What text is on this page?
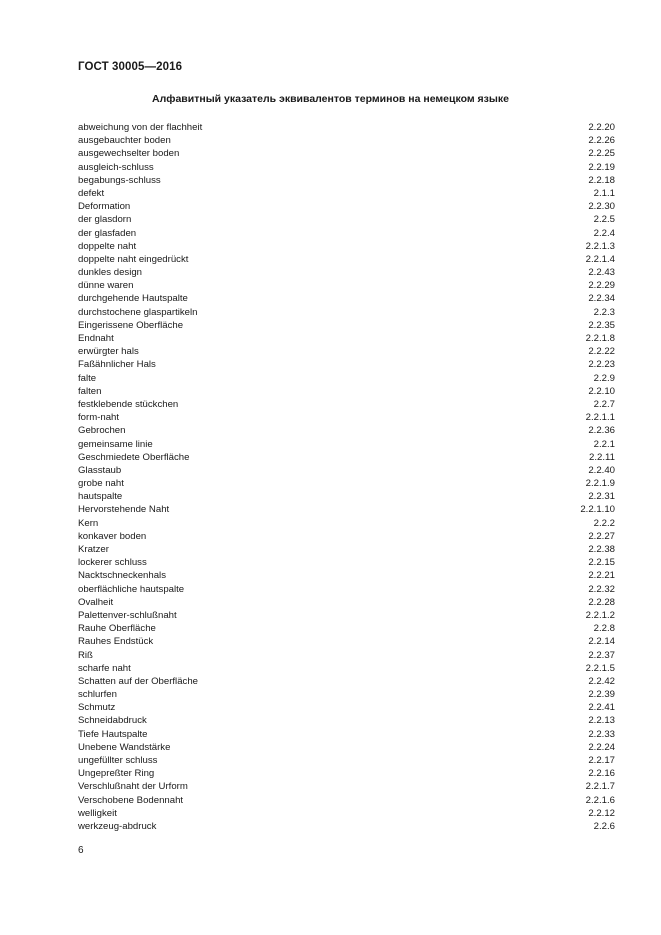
ГОСТ 30005—2016
Алфавитный указатель эквивалентов терминов на немецком языке
abweichung von der flachheit	2.2.20
ausgebauchter boden	2.2.26
ausgewechselter boden	2.2.25
ausgleich-schluss	2.2.19
begabungs-schluss	2.2.18
defekt	2.1.1
Deformation	2.2.30
der glasdorn	2.2.5
der glasfaden	2.2.4
doppelte naht	2.2.1.3
doppelte naht eingedrückt	2.2.1.4
dunkles design	2.2.43
dünne waren	2.2.29
durchgehende Hautspalte	2.2.34
durchstochene glaspartikeln	2.2.3
Eingerissene Oberfläche	2.2.35
Endnaht	2.2.1.8
erwürgter hals	2.2.22
Faßähnlicher Hals	2.2.23
falte	2.2.9
falten	2.2.10
festklebende stückchen	2.2.7
form-naht	2.2.1.1
Gebrochen	2.2.36
gemeinsame linie	2.2.1
Geschmiedete Oberfläche	2.2.11
Glasstaub	2.2.40
grobe naht	2.2.1.9
hautspalte	2.2.31
Hervorstehende Naht	2.2.1.10
Kern	2.2.2
konkaver boden	2.2.27
Kratzer	2.2.38
lockerer schluss	2.2.15
Nacktschneckenhals	2.2.21
oberflächliche hautspalte	2.2.32
Ovalheit	2.2.28
Palettenver-schlußnaht	2.2.1.2
Rauhe Oberfläche	2.2.8
Rauhes Endstück	2.2.14
Riß	2.2.37
scharfe naht	2.2.1.5
Schatten auf der Oberfläche	2.2.42
schlurfen	2.2.39
Schmutz	2.2.41
Schneidabdruck	2.2.13
Tiefe Hautspalte	2.2.33
Unebene Wandstärke	2.2.24
ungefüllter schluss	2.2.17
Ungepreßter Ring	2.2.16
Verschlußnaht der Urform	2.2.1.7
Verschobene Bodennaht	2.2.1.6
welligkeit	2.2.12
werkzeug-abdruck	2.2.6
6
